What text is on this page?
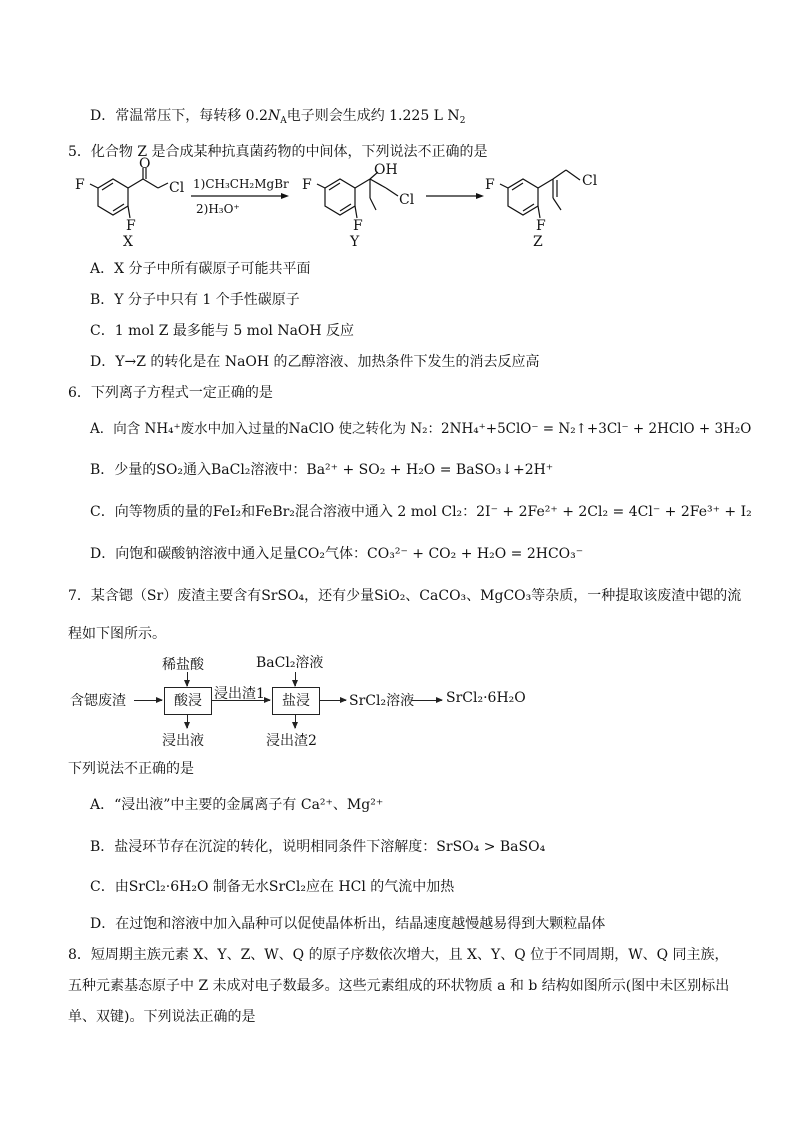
D．常温常压下，每转移 $0.2N_A$电子则会生成约 1.225 L $N_2$
5．化合物 Z 是合成某种抗真菌药物的中间体，下列说法不正确的是
F
F
O
Cl
X
1)CH₃CH₂MgBr
2)H₃O⁺
F
F
OH
Cl
Y
F
F
Cl
Z
A．X 分子中所有碳原子可能共平面
B．Y 分子中只有 1 个手性碳原子
C．1 mol Z 最多能与 5 mol NaOH 反应
D．Y→Z 的转化是在 NaOH 的乙醇溶液、加热条件下发生的消去反应高
6．下列离子方程式一定正确的是
A．向含 NH₄⁺废水中加入过量的NaClO 使之转化为 N₂：2NH₄⁺+5ClO⁻ = N₂↑+3Cl⁻ + 2HClO + 3H₂O
B．少量的SO₂通入BaCl₂溶液中：Ba²⁺ + SO₂ + H₂O = BaSO₃↓+2H⁺
C．向等物质的量的FeI₂和FeBr₂混合溶液中通入 2 mol Cl₂：2I⁻ + 2Fe²⁺ + 2Cl₂ = 4Cl⁻ + 2Fe³⁺ + I₂
D．向饱和碳酸钠溶液中通入足量CO₂气体：CO₃²⁻ + CO₂ + H₂O = 2HCO₃⁻
7．某含锶（Sr）废渣主要含有SrSO₄，还有少量SiO₂、CaCO₃、MgCO₃等杂质，一种提取该废渣中锶的流
程如下图所示。
含锶废渣	酸浸
稀盐酸
浸出液
浸出渣1	盐浸
BaCl₂溶液
浸出渣2
SrCl₂溶液 SrCl₂·6H₂O
下列说法不正确的是
A．“浸出液”中主要的金属离子有 Ca²⁺、Mg²⁺
B．盐浸环节存在沉淀的转化，说明相同条件下溶解度：SrSO₄ > BaSO₄
C．由SrCl₂·6H₂O 制备无水SrCl₂应在 HCl 的气流中加热
D．在过饱和溶液中加入晶种可以促使晶体析出，结晶速度越慢越易得到大颗粒晶体
8．短周期主族元素 X、Y、Z、W、Q 的原子序数依次增大，且 X、Y、Q 位于不同周期，W、Q 同主族，
五种元素基态原子中 Z 未成对电子数最多。这些元素组成的环状物质 a 和 b 结构如图所示(图中未区别标出
单、双键)。下列说法正确的是
